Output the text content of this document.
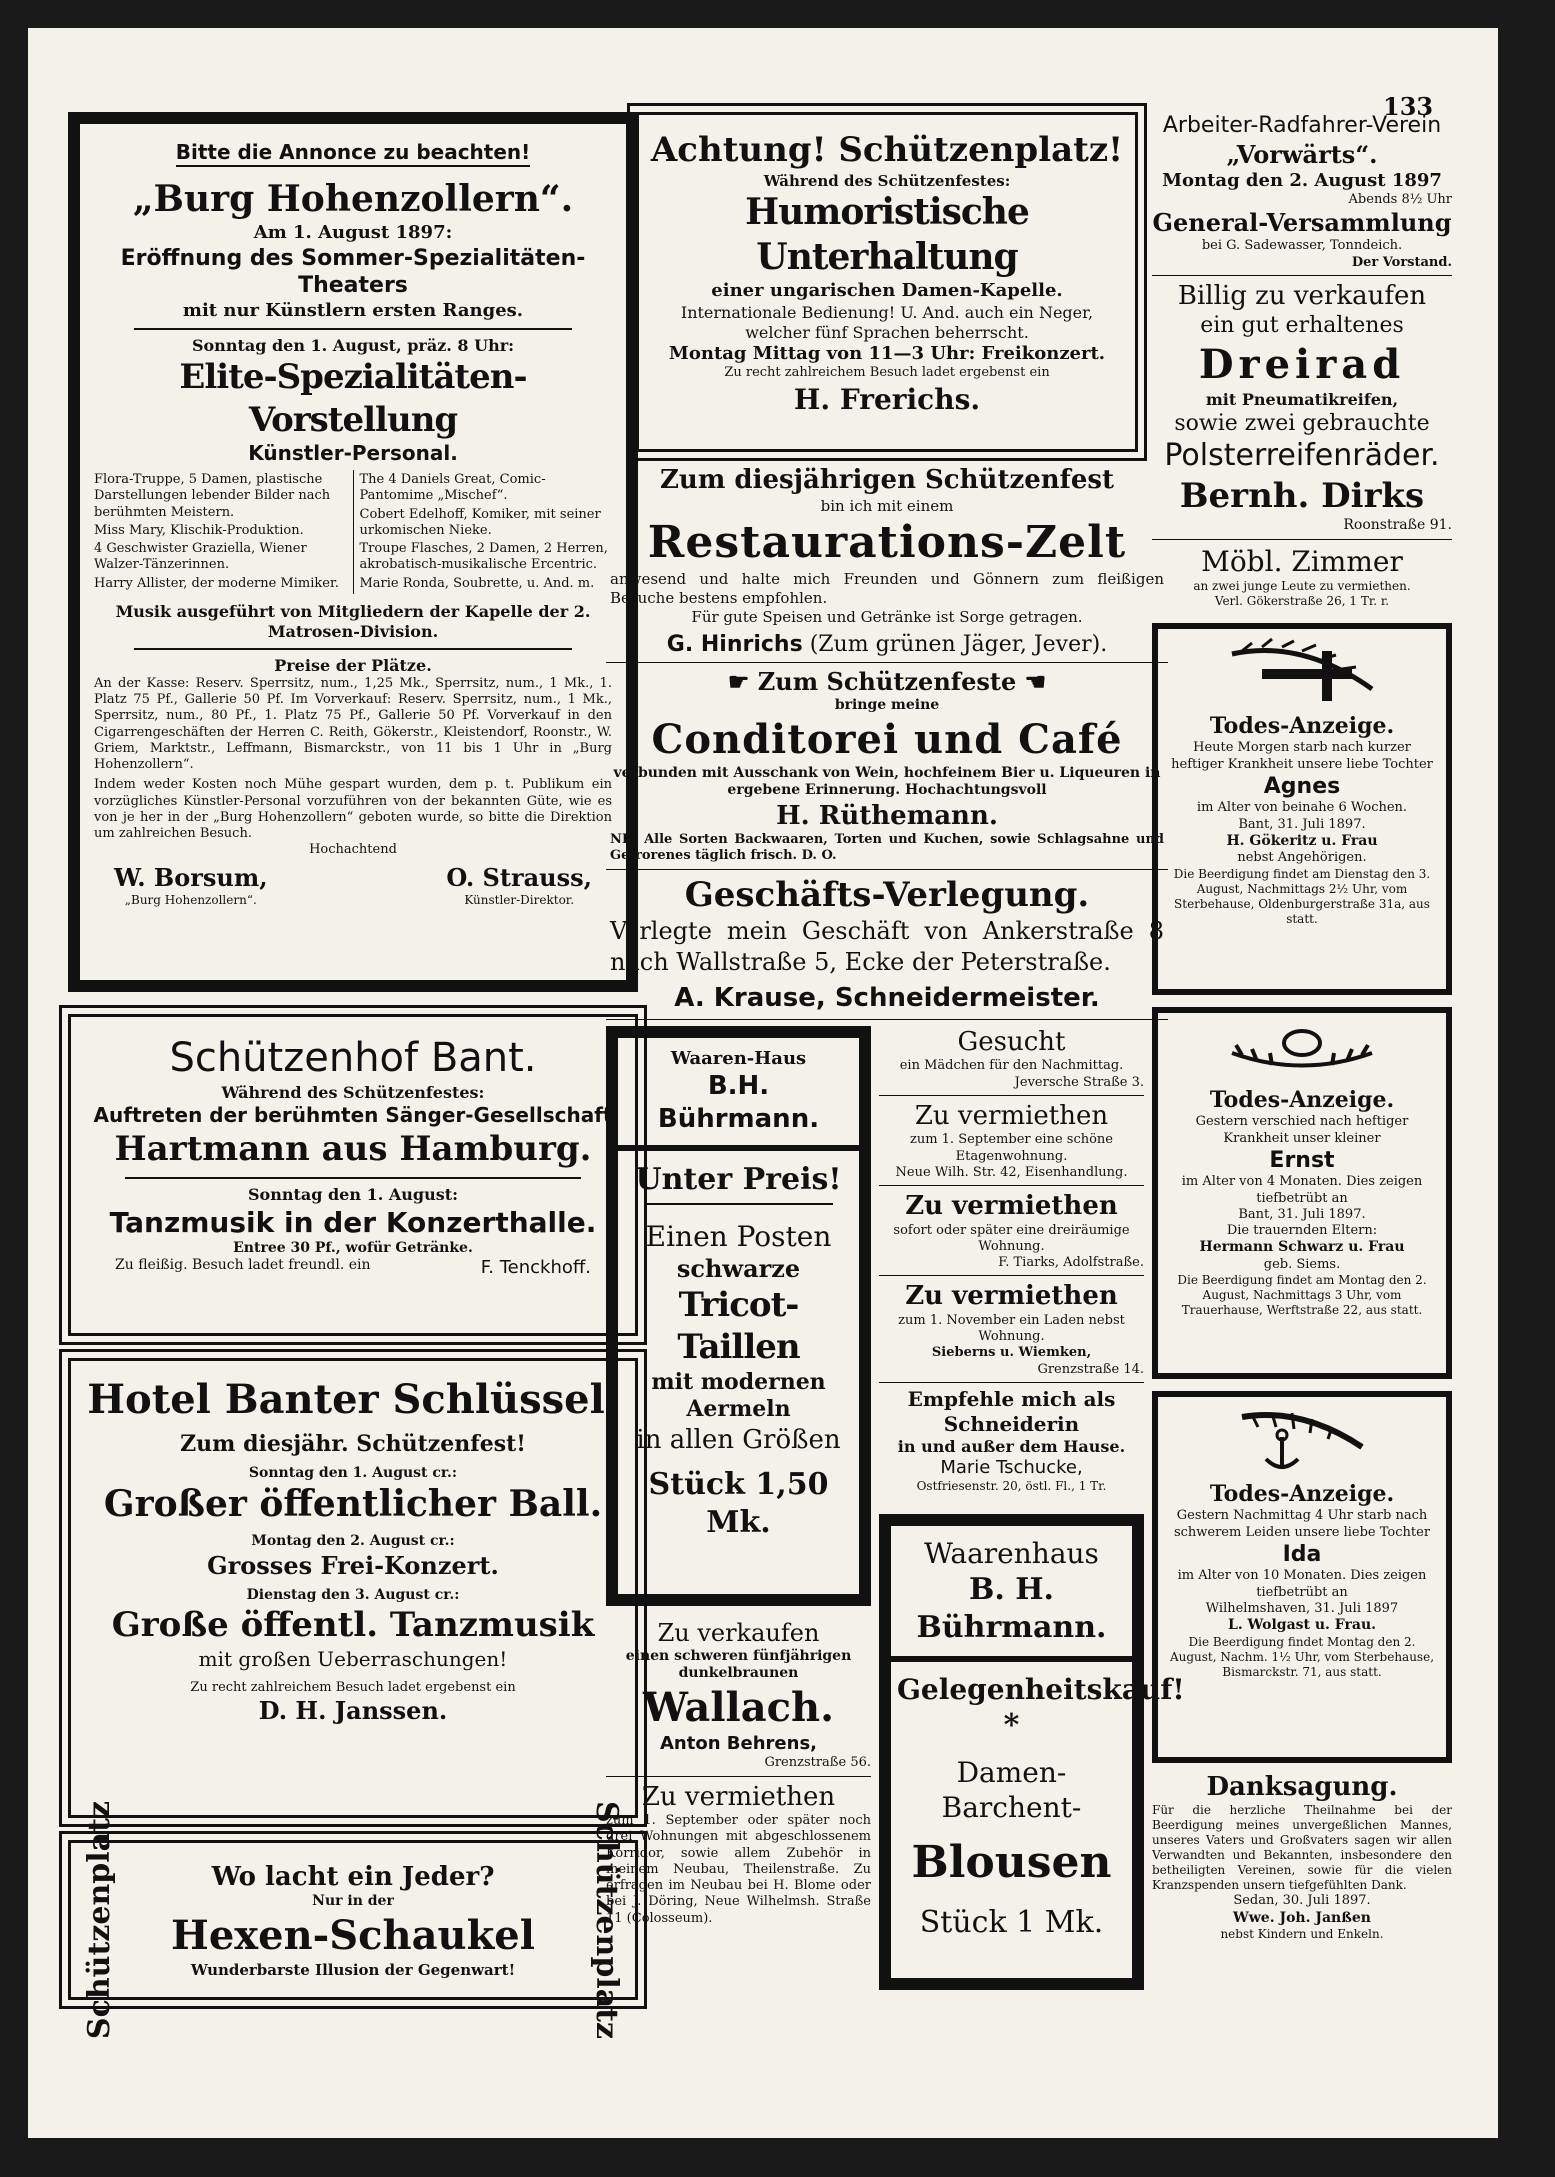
133
Bitte die Annonce zu beachten!
„Burg Hohenzollern“.
Am 1. August 1897:
Eröffnung des Sommer-Spezialitäten-Theaters
mit nur Künstlern ersten Ranges.
Sonntag den 1. August, präz. 8 Uhr:
Elite-Spezialitäten-Vorstellung
Künstler-Personal.

Flora-Truppe, 5 Damen, plastische Darstellungen lebender Bilder nach berühmten Meistern.

Miss Mary, Klischik-Produktion.

4 Geschwister Graziella, Wiener Walzer-Tänzerinnen.

Harry Allister, der moderne Mimiker.

The 4 Daniels Great, Comic-Pantomime „Mischef“.

Cobert Edelhoff, Komiker, mit seiner urkomischen Nieke.

Troupe Flasches, 2 Damen, 2 Herren, akrobatisch-musikalische Ercentric.

Marie Ronda, Soubrette, u. And. m.

Musik ausgeführt von Mitgliedern der Kapelle der 2. Matrosen-Division.
Preise der Plätze.
An der Kasse: Reserv. Sperrsitz, num., 1,25 Mk., Sperrsitz, num., 1 Mk., 1. Platz 75 Pf., Gallerie 50 Pf. Im Vorverkauf: Reserv. Sperrsitz, num., 1 Mk., Sperrsitz, num., 80 Pf., 1. Platz 75 Pf., Gallerie 50 Pf. Vorverkauf in den Cigarrengeschäften der Herren C. Reith, Gökerstr., Kleistendorf, Roonstr., W. Griem, Marktstr., Leffmann, Bismarckstr., von 11 bis 1 Uhr in „Burg Hohenzollern“.
Indem weder Kosten noch Mühe gespart wurden, dem p. t. Publikum ein vorzügliches Künstler-Personal vorzuführen von der bekannten Güte, wie es von je her in der „Burg Hohenzollern“ geboten wurde, so bitte die Direktion um zahlreichen Besuch.
Hochachtend
W. Borsum,
„Burg Hohenzollern“.
O. Strauss,
Künstler-Direktor.
Schützenhof Bant.
Während des Schützenfestes:
Auftreten der berühmten Sänger-Gesellschaft
Hartmann aus Hamburg.
Sonntag den 1. August:
Tanzmusik in der Konzerthalle.
Entree 30 Pf., wofür Getränke.
Zu fleißig. Besuch ladet freundl. ein	F. Tenckhoff.
Hotel Banter Schlüssel.
Zum diesjähr. Schützenfest!
Sonntag den 1. August cr.:
Großer öffentlicher Ball.
Montag den 2. August cr.:
Grosses Frei-Konzert.
Dienstag den 3. August cr.:
Große öffentl. Tanzmusik
mit großen Ueberraschungen!
Zu recht zahlreichem Besuch ladet ergebenst ein
D. H. Janssen.
Schützenplatz	Wo lacht ein Jeder?
Nur in der
Hexen-Schaukel
Wunderbarste Illusion der Gegenwart!	Schützenplatz
Achtung! Schützenplatz!
Während des Schützenfestes:
Humoristische Unterhaltung
einer ungarischen Damen-Kapelle.
Internationale Bedienung! U. And. auch ein Neger, welcher fünf Sprachen beherrscht.
Montag Mittag von 11—3 Uhr: Freikonzert.
Zu recht zahlreichem Besuch ladet ergebenst ein
H. Frerichs.
Zum diesjährigen Schützenfest
bin ich mit einem
Restaurations-Zelt
anwesend und halte mich Freunden und Gönnern zum fleißigen Besuche bestens empfohlen.
Für gute Speisen und Getränke ist Sorge getragen.
G. Hinrichs (Zum grünen Jäger, Jever).
☛ Zum Schützenfeste ☚
bringe meine
Conditorei und Café
verbunden mit Ausschank von Wein, hochfeinem Bier u. Liqueuren in ergebene Erinnerung. Hochachtungsvoll
H. Rüthemann.
NB. Alle Sorten Backwaaren, Torten und Kuchen, sowie Schlagsahne und Gefrorenes täglich frisch. D. O.
Geschäfts-Verlegung.
Verlegte mein Geschäft von Ankerstraße 8 nach Wallstraße 5, Ecke der Peterstraße.
A. Krause, Schneidermeister.
Waaren-Haus
B.H. Bührmann.
Unter Preis!
Einen Posten
schwarze
Tricot-Taillen
mit modernen
Aermeln
in allen Größen
Stück 1,50 Mk.
Zu verkaufen
einen schweren fünfjährigen dunkelbraunen
Wallach.
Anton Behrens,
Grenzstraße 56.
Zu vermiethen
zum 1. September oder später noch drei Wohnungen mit abgeschlossenem Korridor, sowie allem Zubehör in meinem Neubau, Theilenstraße. Zu erfragen im Neubau bei H. Blome oder bei J. Döring, Neue Wilhelmsh. Straße 11 (Colosseum).
Gesucht
ein Mädchen für den Nachmittag.
Jeversche Straße 3.
Zu vermiethen
zum 1. September eine schöne Etagenwohnung.
Neue Wilh. Str. 42, Eisenhandlung.
Zu vermiethen
sofort oder später eine dreiräumige Wohnung.
F. Tiarks, Adolfstraße.
Zu vermiethen
zum 1. November ein Laden nebst Wohnung.
Sieberns u. Wiemken,
Grenzstraße 14.
Empfehle mich als Schneiderin
in und außer dem Hause.
Marie Tschucke,
Ostfriesenstr. 20, östl. Fl., 1 Tr.
Waarenhaus
B. H. Bührmann.
Gelegenheitskauf!
*
Damen-Barchent-
Blousen
Stück 1 Mk.
Arbeiter-Radfahrer-Verein
„Vorwärts“.
Montag den 2. August 1897
Abends 8½ Uhr
General-Versammlung
bei G. Sadewasser, Tonndeich.
Der Vorstand.
Billig zu verkaufen
ein gut erhaltenes
Dreirad
mit Pneumatikreifen,
sowie zwei gebrauchte
Polsterreifenräder.
Bernh. Dirks
Roonstraße 91.
Möbl. Zimmer
an zwei junge Leute zu vermiethen.
Verl. Gökerstraße 26, 1 Tr. r.
Todes-Anzeige.
Heute Morgen starb nach kurzer heftiger Krankheit unsere liebe Tochter
Agnes
im Alter von beinahe 6 Wochen.
Bant, 31. Juli 1897.
H. Gökeritz u. Frau
nebst Angehörigen.
Die Beerdigung findet am Dienstag den 3. August, Nachmittags 2½ Uhr, vom Sterbehause, Oldenburgerstraße 31a, aus statt.
Todes-Anzeige.
Gestern verschied nach heftiger Krankheit unser kleiner
Ernst
im Alter von 4 Monaten. Dies zeigen tiefbetrübt an
Bant, 31. Juli 1897.
Die trauernden Eltern:
Hermann Schwarz u. Frau
geb. Siems.
Die Beerdigung findet am Montag den 2. August, Nachmittags 3 Uhr, vom Trauerhause, Werftstraße 22, aus statt.
Todes-Anzeige.
Gestern Nachmittag 4 Uhr starb nach schwerem Leiden unsere liebe Tochter
Ida
im Alter von 10 Monaten. Dies zeigen tiefbetrübt an
Wilhelmshaven, 31. Juli 1897
L. Wolgast u. Frau.
Die Beerdigung findet Montag den 2. August, Nachm. 1½ Uhr, vom Sterbehause, Bismarckstr. 71, aus statt.
Danksagung.
Für die herzliche Theilnahme bei der Beerdigung meines unvergeßlichen Mannes, unseres Vaters und Großvaters sagen wir allen Verwandten und Bekannten, insbesondere den betheiligten Vereinen, sowie für die vielen Kranzspenden unsern tiefgefühlten Dank.
Sedan, 30. Juli 1897.
Wwe. Joh. Janßen
nebst Kindern und Enkeln.
